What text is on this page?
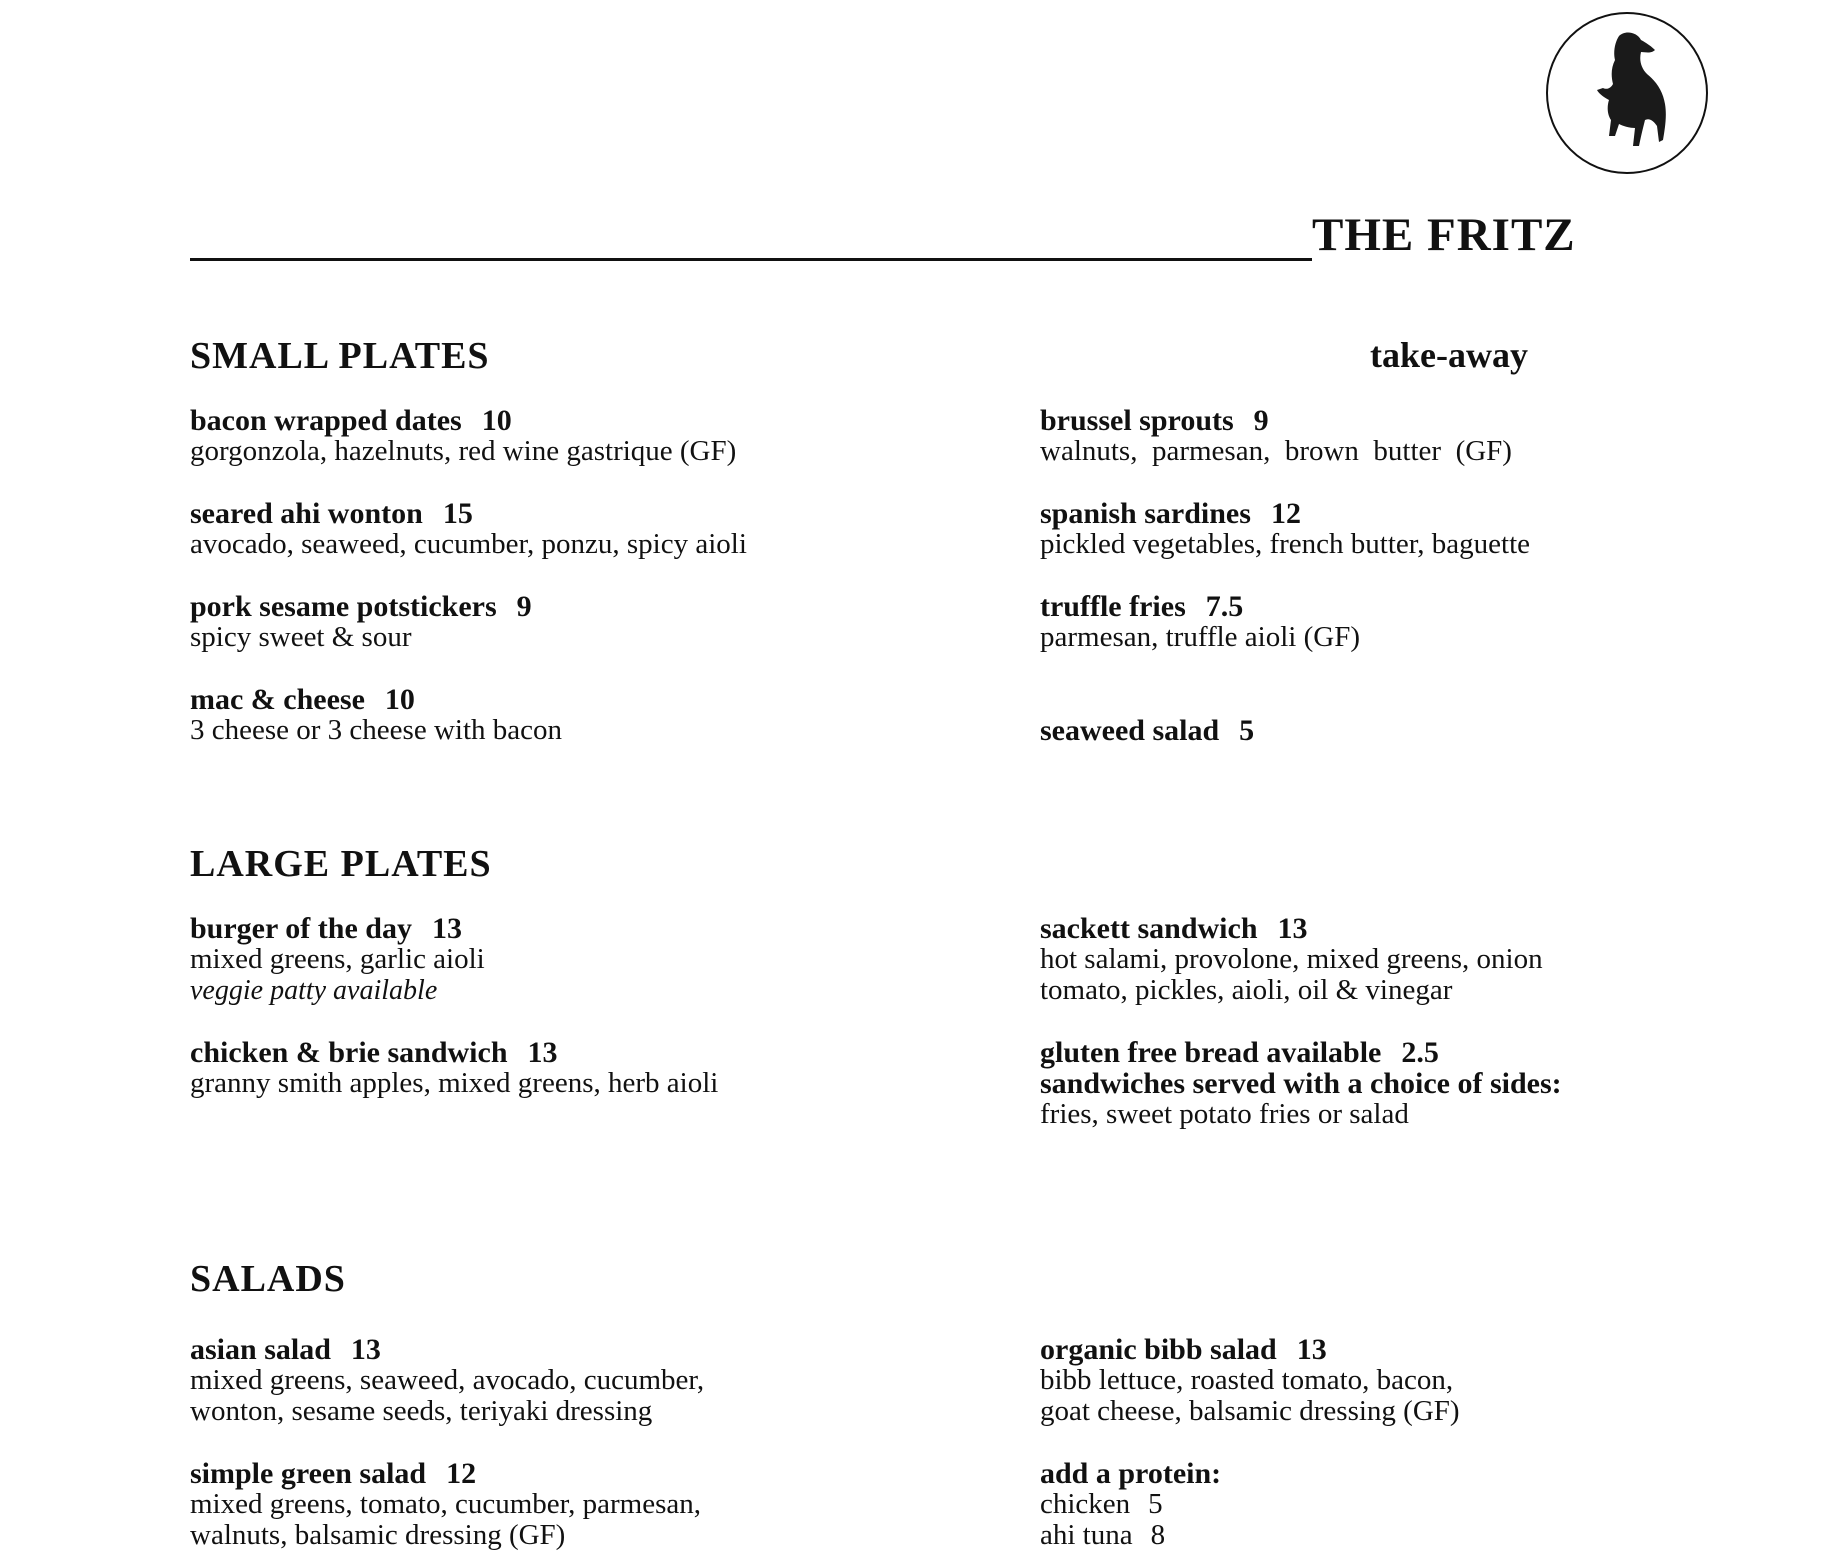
THE FRITZ
SMALL PLATES	take-away
bacon wrapped dates 10
gorgonzola, hazelnuts, red wine gastrique (GF)
seared ahi wonton 15
avocado, seaweed, cucumber, ponzu, spicy aioli
pork sesame potstickers 9
spicy sweet & sour
mac & cheese 10
3 cheese or 3 cheese with bacon
brussel sprouts 9
walnuts,  parmesan,  brown  butter  (GF)
spanish sardines 12
pickled vegetables, french butter, baguette
truffle fries 7.5
parmesan, truffle aioli (GF)
seaweed salad 5
LARGE PLATES
burger of the day 13
mixed greens, garlic aioli
veggie patty available
chicken & brie sandwich 13
granny smith apples, mixed greens, herb aioli
sackett sandwich 13
hot salami, provolone, mixed greens, onion
tomato, pickles, aioli, oil & vinegar
gluten free bread available 2.5
sandwiches served with a choice of sides:
fries, sweet potato fries or salad
SALADS
asian salad 13
mixed greens, seaweed, avocado, cucumber,
wonton, sesame seeds, teriyaki dressing
simple green salad 12
mixed greens, tomato, cucumber, parmesan,
walnuts, balsamic dressing (GF)
organic bibb salad 13
bibb lettuce, roasted tomato, bacon,
goat cheese, balsamic dressing (GF)
add a protein:
chicken 5
ahi tuna 8
